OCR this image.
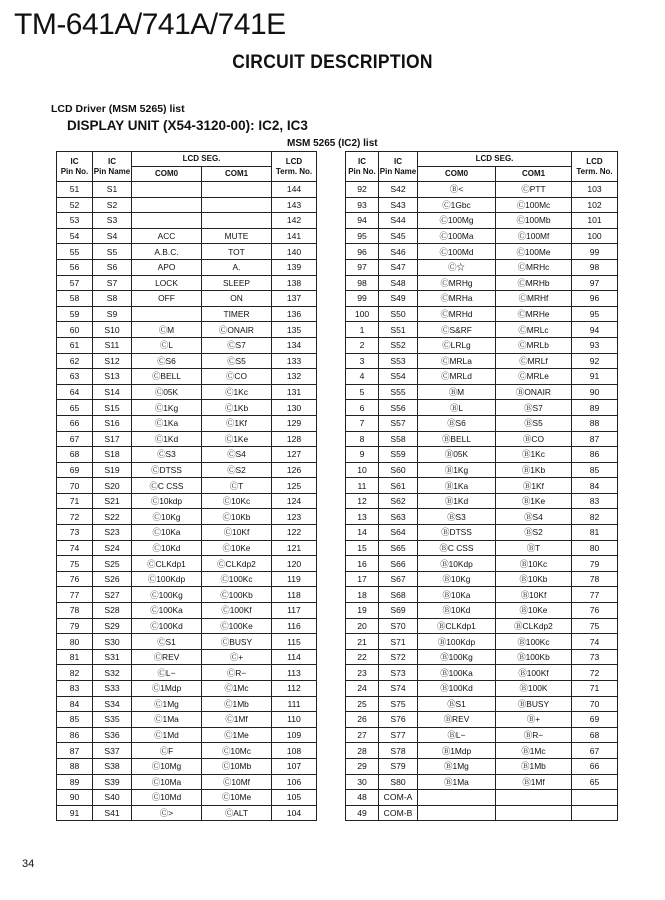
TM-641A/741A/741E
CIRCUIT DESCRIPTION
LCD Driver (MSM 5265) list
DISPLAY UNIT (X54-3120-00): IC2, IC3
MSM 5265 (IC2) list
IC
Pin No.	IC
Pin Name	LCD SEG.		LCD
Term. No.
		COM0	COM1	
51	S1			144
52	S2			143
53	S3			142
54	S4	ACC	MUTE	141
55	S5	A.B.C.	TOT	140
56	S6	APO	A.	139
57	S7	LOCK	SLEEP	138
58	S8	OFF	ON	137
59	S9		TIMER	136
60	S10	ⒸM	ⒸONAIR	135
61	S11	ⒸL	ⒸS7	134
62	S12	ⒸS6	ⒸS5	133
63	S13	ⒸBELL	ⒸCO	132
64	S14	Ⓒ05K	Ⓒ1Kc	131
65	S15	Ⓒ1Kg	Ⓒ1Kb	130
66	S16	Ⓒ1Ka	Ⓒ1Kf	129
67	S17	Ⓒ1Kd	Ⓒ1Ke	128
68	S18	ⒸS3	ⒸS4	127
69	S19	ⒸDTSS	ⒸS2	126
70	S20	ⒸC CSS	ⒸT	125
71	S21	Ⓒ10kdp	Ⓒ10Kc	124
72	S22	Ⓒ10Kg	Ⓒ10Kb	123
73	S23	Ⓒ10Ka	Ⓒ10Kf	122
74	S24	Ⓒ10Kd	Ⓒ10Ke	121
75	S25	ⒸCLKdp1	ⒸCLKdp2	120
76	S26	Ⓒ100Kdp	Ⓒ100Kc	119
77	S27	Ⓒ100Kg	Ⓒ100Kb	118
78	S28	Ⓒ100Ka	Ⓒ100Kf	117
79	S29	Ⓒ100Kd	Ⓒ100Ke	116
80	S30	ⒸS1	ⒸBUSY	115
81	S31	ⒸREV	Ⓒ+	114
82	S32	ⒸL−	ⒸR−	113
83	S33	Ⓒ1Mdp	Ⓒ1Mc	112
84	S34	Ⓒ1Mg	Ⓒ1Mb	111
85	S35	Ⓒ1Ma	Ⓒ1Mf	110
86	S36	Ⓒ1Md	Ⓒ1Me	109
87	S37	ⒸF	Ⓒ10Mc	108
88	S38	Ⓒ10Mg	Ⓒ10Mb	107
89	S39	Ⓒ10Ma	Ⓒ10Mf	106
90	S40	Ⓒ10Md	Ⓒ10Me	105
91	S41	Ⓒ>	ⒸALT	104
IC
Pin No.	IC
Pin Name	LCD SEG.		LCD
Term. No.
		COM0	COM1	
92	S42	Ⓑ<	ⒸPTT	103
93	S43	Ⓒ1Gbc	Ⓒ100Mc	102
94	S44	Ⓒ100Mg	Ⓒ100Mb	101
95	S45	Ⓒ100Ma	Ⓒ100Mf	100
96	S46	Ⓒ100Md	Ⓒ100Me	99
97	S47	Ⓒ☆	ⒸMRHc	98
98	S48	ⒸMRHg	ⒸMRHb	97
99	S49	ⒸMRHa	ⒸMRHf	96
100	S50	ⒸMRHd	ⒸMRHe	95
1	S51	ⒸS&RF	ⒸMRLc	94
2	S52	ⒸLRLg	ⒸMRLb	93
3	S53	ⒸMRLa	ⒸMRLf	92
4	S54	ⒸMRLd	ⒸMRLe	91
5	S55	ⒷM	ⒷONAIR	90
6	S56	ⒷL	ⒷS7	89
7	S57	ⒷS6	ⒷS5	88
8	S58	ⒷBELL	ⒷCO	87
9	S59	Ⓑ05K	Ⓑ1Kc	86
10	S60	Ⓑ1Kg	Ⓑ1Kb	85
11	S61	Ⓑ1Ka	Ⓑ1Kf	84
12	S62	Ⓑ1Kd	Ⓑ1Ke	83
13	S63	ⒷS3	ⒷS4	82
14	S64	ⒷDTSS	ⒷS2	81
15	S65	ⒷC CSS	ⒷT	80
16	S66	Ⓑ10Kdp	Ⓑ10Kc	79
17	S67	Ⓑ10Kg	Ⓑ10Kb	78
18	S68	Ⓑ10Ka	Ⓑ10Kf	77
19	S69	Ⓑ10Kd	Ⓑ10Ke	76
20	S70	ⒷCLKdp1	ⒷCLKdp2	75
21	S71	Ⓑ100Kdp	Ⓑ100Kc	74
22	S72	Ⓑ100Kg	Ⓑ100Kb	73
23	S73	Ⓑ100Ka	Ⓑ100Kf	72
24	S74	Ⓑ100Kd	Ⓑ100K	71
25	S75	ⒷS1	ⒷBUSY	70
26	S76	ⒷREV	Ⓑ+	69
27	S77	ⒷL−	ⒷR−	68
28	S78	Ⓑ1Mdp	Ⓑ1Mc	67
29	S79	Ⓑ1Mg	Ⓑ1Mb	66
30	S80	Ⓑ1Ma	Ⓑ1Mf	65
48	COM-A			
49	COM-B			
34
